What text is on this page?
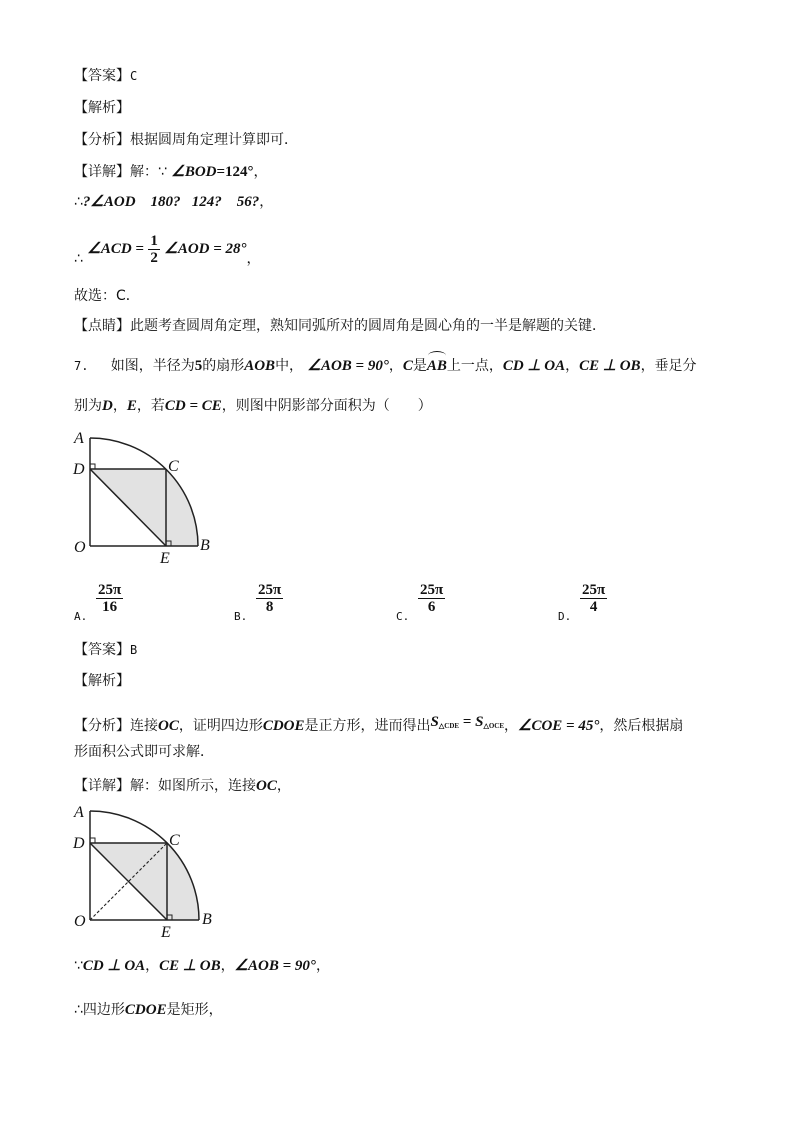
【答案】C
【解析】
【分析】根据圆周角定理计算即可．
【详解】解：∵ ∠BOD=124°，
∴?∠AOD    180?   124?    56?，
∴ ∠ACD = $\frac{1}{2}$ ∠AOD = 28°，
故选：C．
【点睛】此题考查圆周角定理，熟知同弧所对的圆周角是圆心角的一半是解题的关键．
7. 如图，半径为5的扇形AOB中， ∠AOB = 90°，C是AB上一点，CD ⊥ OA，CE ⊥ OB，垂足分
别为D，E，若CD = CE，则图中阴影部分面积为（　　）
A
D	C
O	B
E
A.
$\frac{25\pi}{16}$
B.
$\frac{25\pi}{8}$
C.
$\frac{25\pi}{6}$
D.
$\frac{25\pi}{4}$
【答案】B
【解析】
【分析】连接OC，证明四边形CDOE是正方形，进而得出$S_{\triangle CDE} = S_{\triangle OCE}$，∠COE = 45°，然后根据扇
形面积公式即可求解．
【详解】解：如图所示，连接OC，
A
D	C
O	B
E
∵CD ⊥ OA，CE ⊥ OB，∠AOB = 90°，
∴四边形CDOE是矩形，
